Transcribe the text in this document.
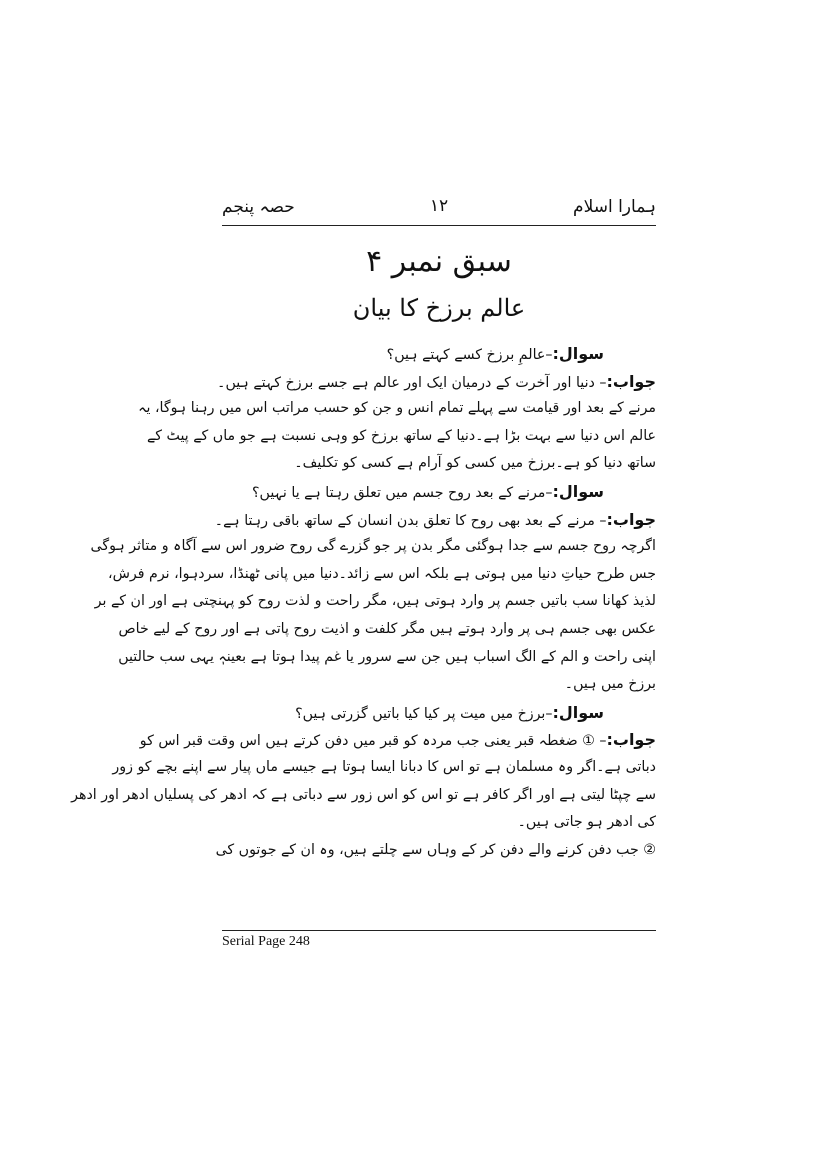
ہمارا اسلام
۱۲
حصہ پنجم
سبق نمبر ۴
عالم برزخ کا بیان
سوال:–عالمِ برزخ کسے کہتے ہیں؟
جواب:– دنیا اور آخرت کے درمیان ایک اور عالم ہے جسے برزخ کہتے ہیں۔
مرنے کے بعد اور قیامت سے پہلے تمام انس و جن کو حسب مراتب اس میں رہنا ہوگا، یہ
عالم اس دنیا سے بہت بڑا ہے۔دنیا کے ساتھ برزخ کو وہی نسبت ہے جو ماں کے پیٹ کے
ساتھ دنیا کو ہے۔برزخ میں کسی کو آرام ہے کسی کو تکلیف۔
سوال:–مرنے کے بعد روح جسم میں تعلق رہتا ہے یا نہیں؟
جواب:– مرنے کے بعد بھی روح کا تعلق بدن انسان کے ساتھ باقی رہتا ہے۔
اگرچہ روح جسم سے جدا ہوگئی مگر بدن پر جو گزرے گی روح ضرور اس سے آگاہ و متاثر ہوگی
جس طرح حیاتِ دنیا میں ہوتی ہے بلکہ اس سے زائد۔دنیا میں پانی ٹھنڈا، سردہوا، نرم فرش،
لذیذ کھانا سب باتیں جسم پر وارد ہوتی ہیں، مگر راحت و لذت روح کو پہنچتی ہے اور ان کے بر
عکس بھی جسم ہی پر وارد ہوتے ہیں مگر کلفت و اذیت روح پاتی ہے اور روح کے لیے خاص
اپنی راحت و الم کے الگ اسباب ہیں جن سے سرور یا غم پیدا ہوتا ہے بعینہٖ یہی سب حالتیں
برزخ میں ہیں۔
سوال:–برزخ میں میت پر کیا کیا باتیں گزرتی ہیں؟
جواب:– ① ضغطہ قبر یعنی جب مردہ کو قبر میں دفن کرتے ہیں اس وقت قبر اس کو
دباتی ہے۔اگر وہ مسلمان ہے تو اس کا دبانا ایسا ہوتا ہے جیسے ماں پیار سے اپنے بچے کو زور
سے چپٹا لیتی ہے اور اگر کافر ہے تو اس کو اس زور سے دباتی ہے کہ ادھر کی پسلیاں ادھر اور ادھر
کی ادھر ہو جاتی ہیں۔
② جب دفن کرنے والے دفن کر کے وہاں سے چلتے ہیں، وہ ان کے جوتوں کی
Serial Page 248
